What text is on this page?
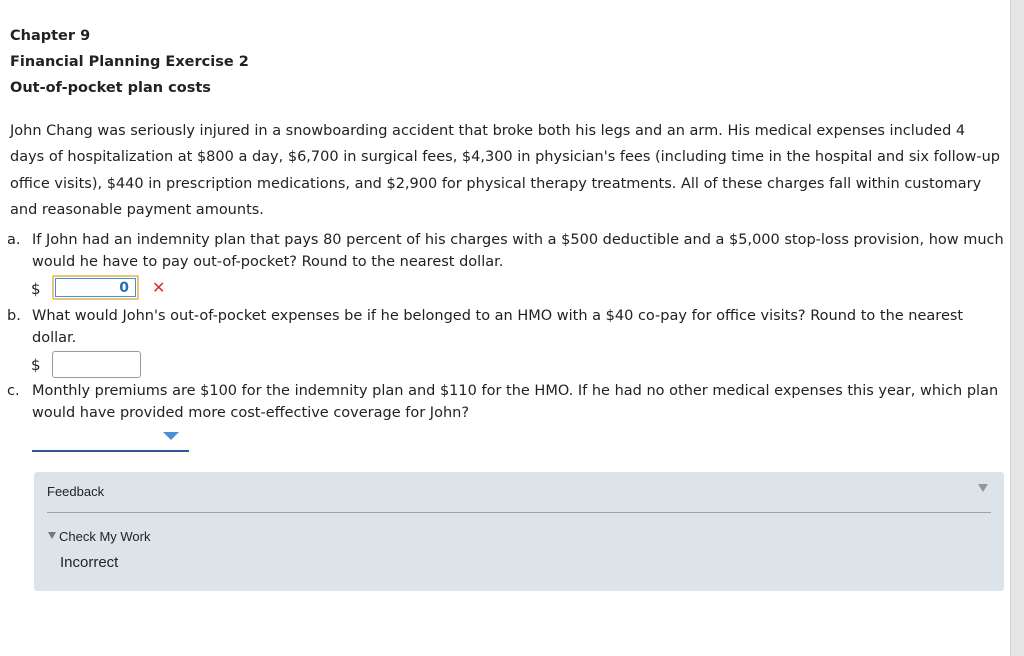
Chapter 9
Financial Planning Exercise 2
Out-of-pocket plan costs
John Chang was seriously injured in a snowboarding accident that broke both his legs and an arm. His medical expenses included 4 days of hospitalization at $800 a day, $6,700 in surgical fees, $4,300 in physician's fees (including time in the hospital and six follow-up office visits), $440 in prescription medications, and $2,900 for physical therapy treatments. All of these charges fall within customary and reasonable payment amounts.
a. If John had an indemnity plan that pays 80 percent of his charges with a $500 deductible and a $5,000 stop-loss provision, how much would he have to pay out-of-pocket? Round to the nearest dollar.
$	0	✕
b. What would John's out-of-pocket expenses be if he belonged to an HMO with a $40 co-pay for office visits? Round to the nearest dollar.
$
c. Monthly premiums are $100 for the indemnity plan and $110 for the HMO. If he had no other medical expenses this year, which plan would have provided more cost-effective coverage for John?
Feedback
Check My Work
Incorrect
